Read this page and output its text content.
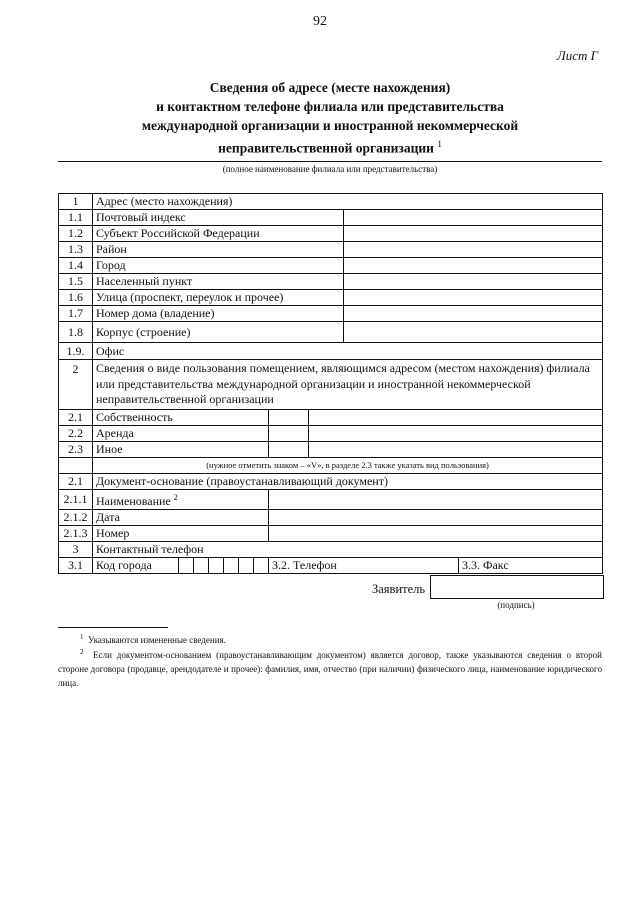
92
Лист Г
Сведения об адресе (месте нахождения)
и контактном телефоне филиала или представительства
международной организации и иностранной некоммерческой
неправительственной организации $^1$
(полное наименование филиала или представительства)
1	Адрес (место нахождения)										
1.1	Почтовый индекс										
1.2	Субъект Российской Федерации										
1.3	Район										
1.4	Город										
1.5	Населенный пункт										
1.6	Улица (проспект, переулок и прочее)										
1.7	Номер дома (владение)										
1.8	Корпус (строение)										
1.9.	Офис										
2	Сведения о виде пользования помещением, являющимся адресом (местом нахождения) филиала или представительства международной организации и иностранной некоммерческой неправительственной организации										
2.1	Собственность										
2.2	Аренда										
2.3	Иное										
	(нужное отметить знаком – «V», в разделе 2.3 также указать вид пользования)										
2.1	Документ-основание (правоустанавливающий документ)										
2.1.1	Наименование $^2$	
2.1.2	Дата										
2.1.3	Номер										
3	Контактный телефон										
3.1	Код города							3.2. Телефон			3.3. Факс
Заявитель
(подпись)
$^1$ Указываются измененные сведения.
$^2$ Если документом-основанием (правоустанавливающим документом) является договор, также указываются сведения о второй стороне договора (продавце, арендодателе и прочее): фамилия, имя, отчество (при наличии) физического лица, наименование юридического лица.
